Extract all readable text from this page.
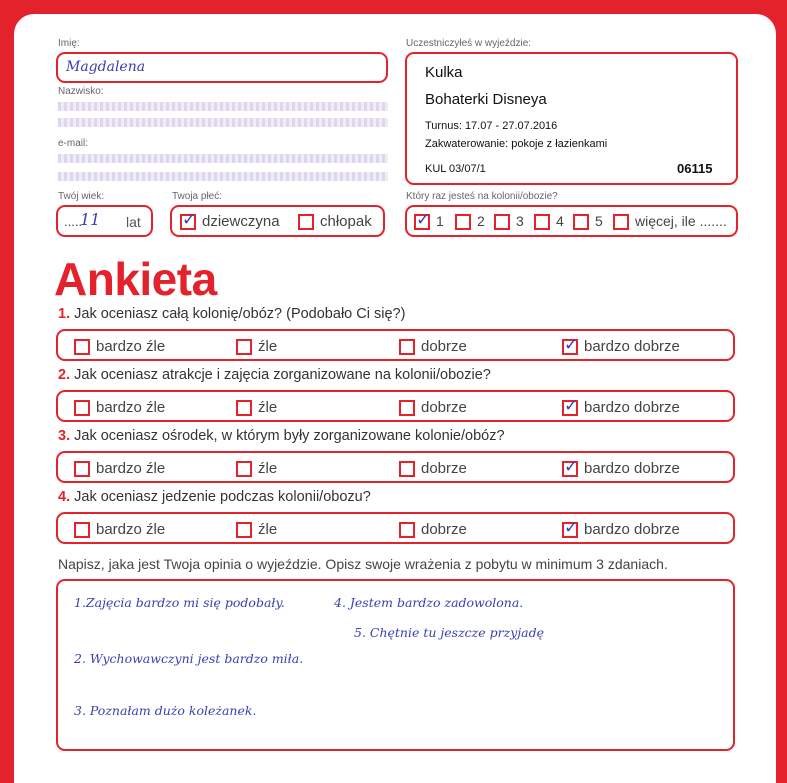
Imię:
Magdalena
Nazwisko:
e-mail:
Twój wiek:
.....
11 lat
Twoja płeć:
✓ dziewczyna	chłopak
Uczestniczyłeś w wyjeździe:
Kulka
Bohaterki Disneya
Turnus: 17.07 - 27.07.2016
Zakwaterowanie: pokoje z łazienkami
KUL 03/07/1	06115
Który raz jesteś na kolonii/obozie?
✓ 1	2	3	4	5	więcej, ile .......
Ankieta
1. Jak oceniasz całą kolonię/obóz? (Podobało Ci się?)
bardzo źle	źle	dobrze	✓ bardzo dobrze
2. Jak oceniasz atrakcje i zajęcia zorganizowane na kolonii/obozie?
bardzo źle	źle	dobrze	✓ bardzo dobrze
3. Jak oceniasz ośrodek, w którym były zorganizowane kolonie/obóz?
bardzo źle	źle	dobrze	✓ bardzo dobrze
4. Jak oceniasz jedzenie podczas kolonii/obozu?
bardzo źle	źle	dobrze	✓ bardzo dobrze
Napisz, jaka jest Twoja opinia o wyjeździe. Opisz swoje wrażenia z pobytu w minimum 3 zdaniach.
1.Zajęcia bardzo mi się podobały.	4. Jestem bardzo zadowolona.
5. Chętnie tu jeszcze przyjadę
2. Wychowawczyni jest bardzo miła.
3. Poznałam dużo koleżanek.
